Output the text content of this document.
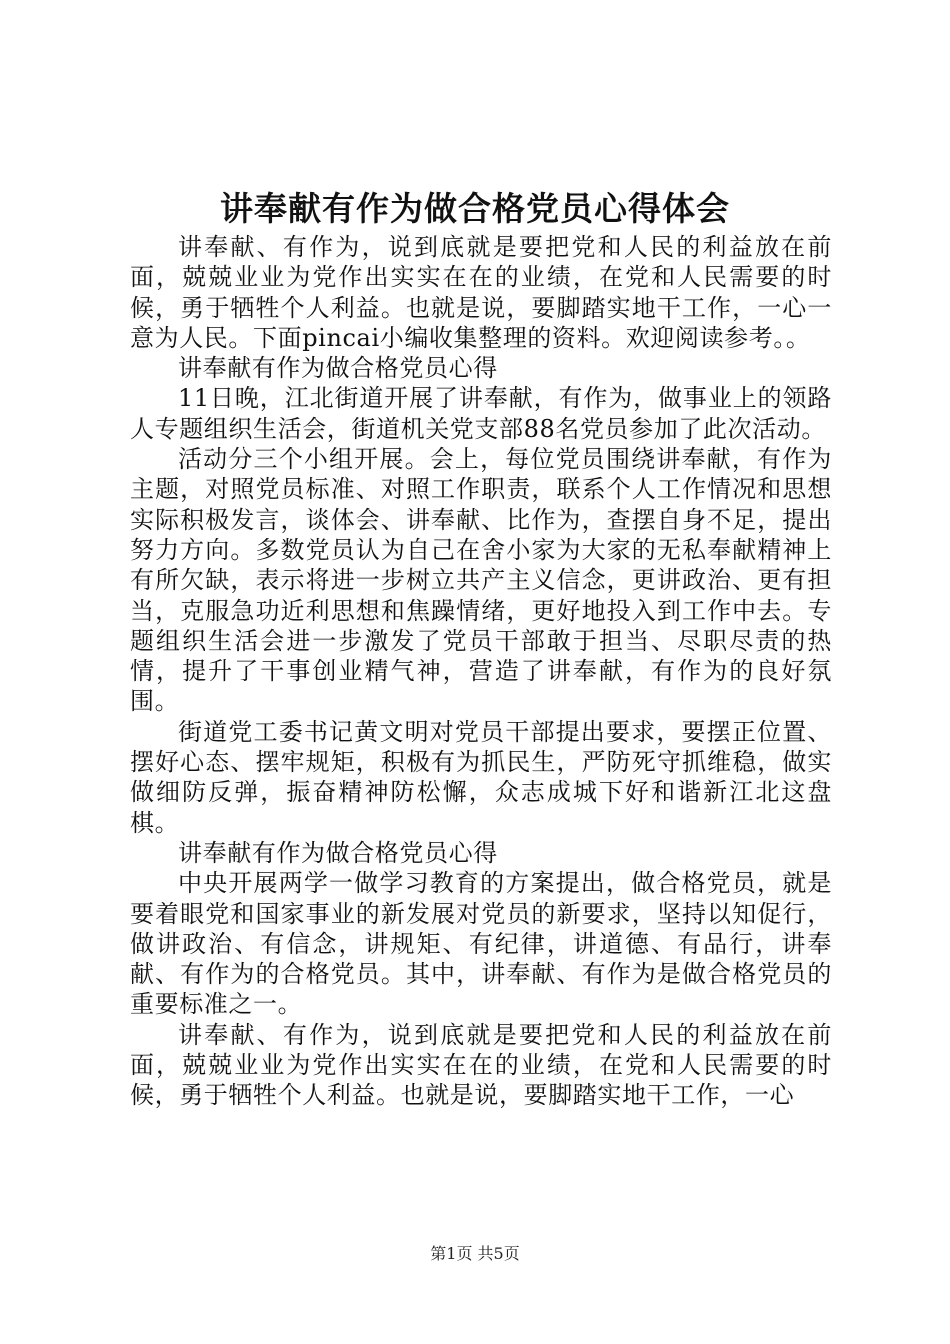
讲奉献有作为做合格党员心得体会

讲奉献、有作为，说到底就是要把党和人民的利益放在前面，兢兢业业为党作出实实在在的业绩，在党和人民需要的时候，勇于牺牲个人利益。也就是说，要脚踏实地干工作，一心一意为人民。下面pincai小编收集整理的资料。欢迎阅读参考。。

讲奉献有作为做合格党员心得

11日晚，江北街道开展了讲奉献，有作为，做事业上的领路人专题组织生活会，街道机关党支部88名党员参加了此次活动。

活动分三个小组开展。会上，每位党员围绕讲奉献，有作为主题，对照党员标准、对照工作职责，联系个人工作情况和思想实际积极发言，谈体会、讲奉献、比作为，查摆自身不足，提出努力方向。多数党员认为自己在舍小家为大家的无私奉献精神上有所欠缺，表示将进一步树立共产主义信念，更讲政治、更有担当，克服急功近利思想和焦躁情绪，更好地投入到工作中去。专题组织生活会进一步激发了党员干部敢于担当、尽职尽责的热情，提升了干事创业精气神，营造了讲奉献，有作为的良好氛围。

街道党工委书记黄文明对党员干部提出要求，要摆正位置、摆好心态、摆牢规矩，积极有为抓民生，严防死守抓维稳，做实做细防反弹，振奋精神防松懈，众志成城下好和谐新江北这盘棋。

讲奉献有作为做合格党员心得

中央开展两学一做学习教育的方案提出，做合格党员，就是要着眼党和国家事业的新发展对党员的新要求，坚持以知促行，做讲政治、有信念，讲规矩、有纪律，讲道德、有品行，讲奉献、有作为的合格党员。其中，讲奉献、有作为是做合格党员的重要标准之一。

讲奉献、有作为，说到底就是要把党和人民的利益放在前面，兢兢业业为党作出实实在在的业绩，在党和人民需要的时候，勇于牺牲个人利益。也就是说，要脚踏实地干工作，一心

第1页 共5页
